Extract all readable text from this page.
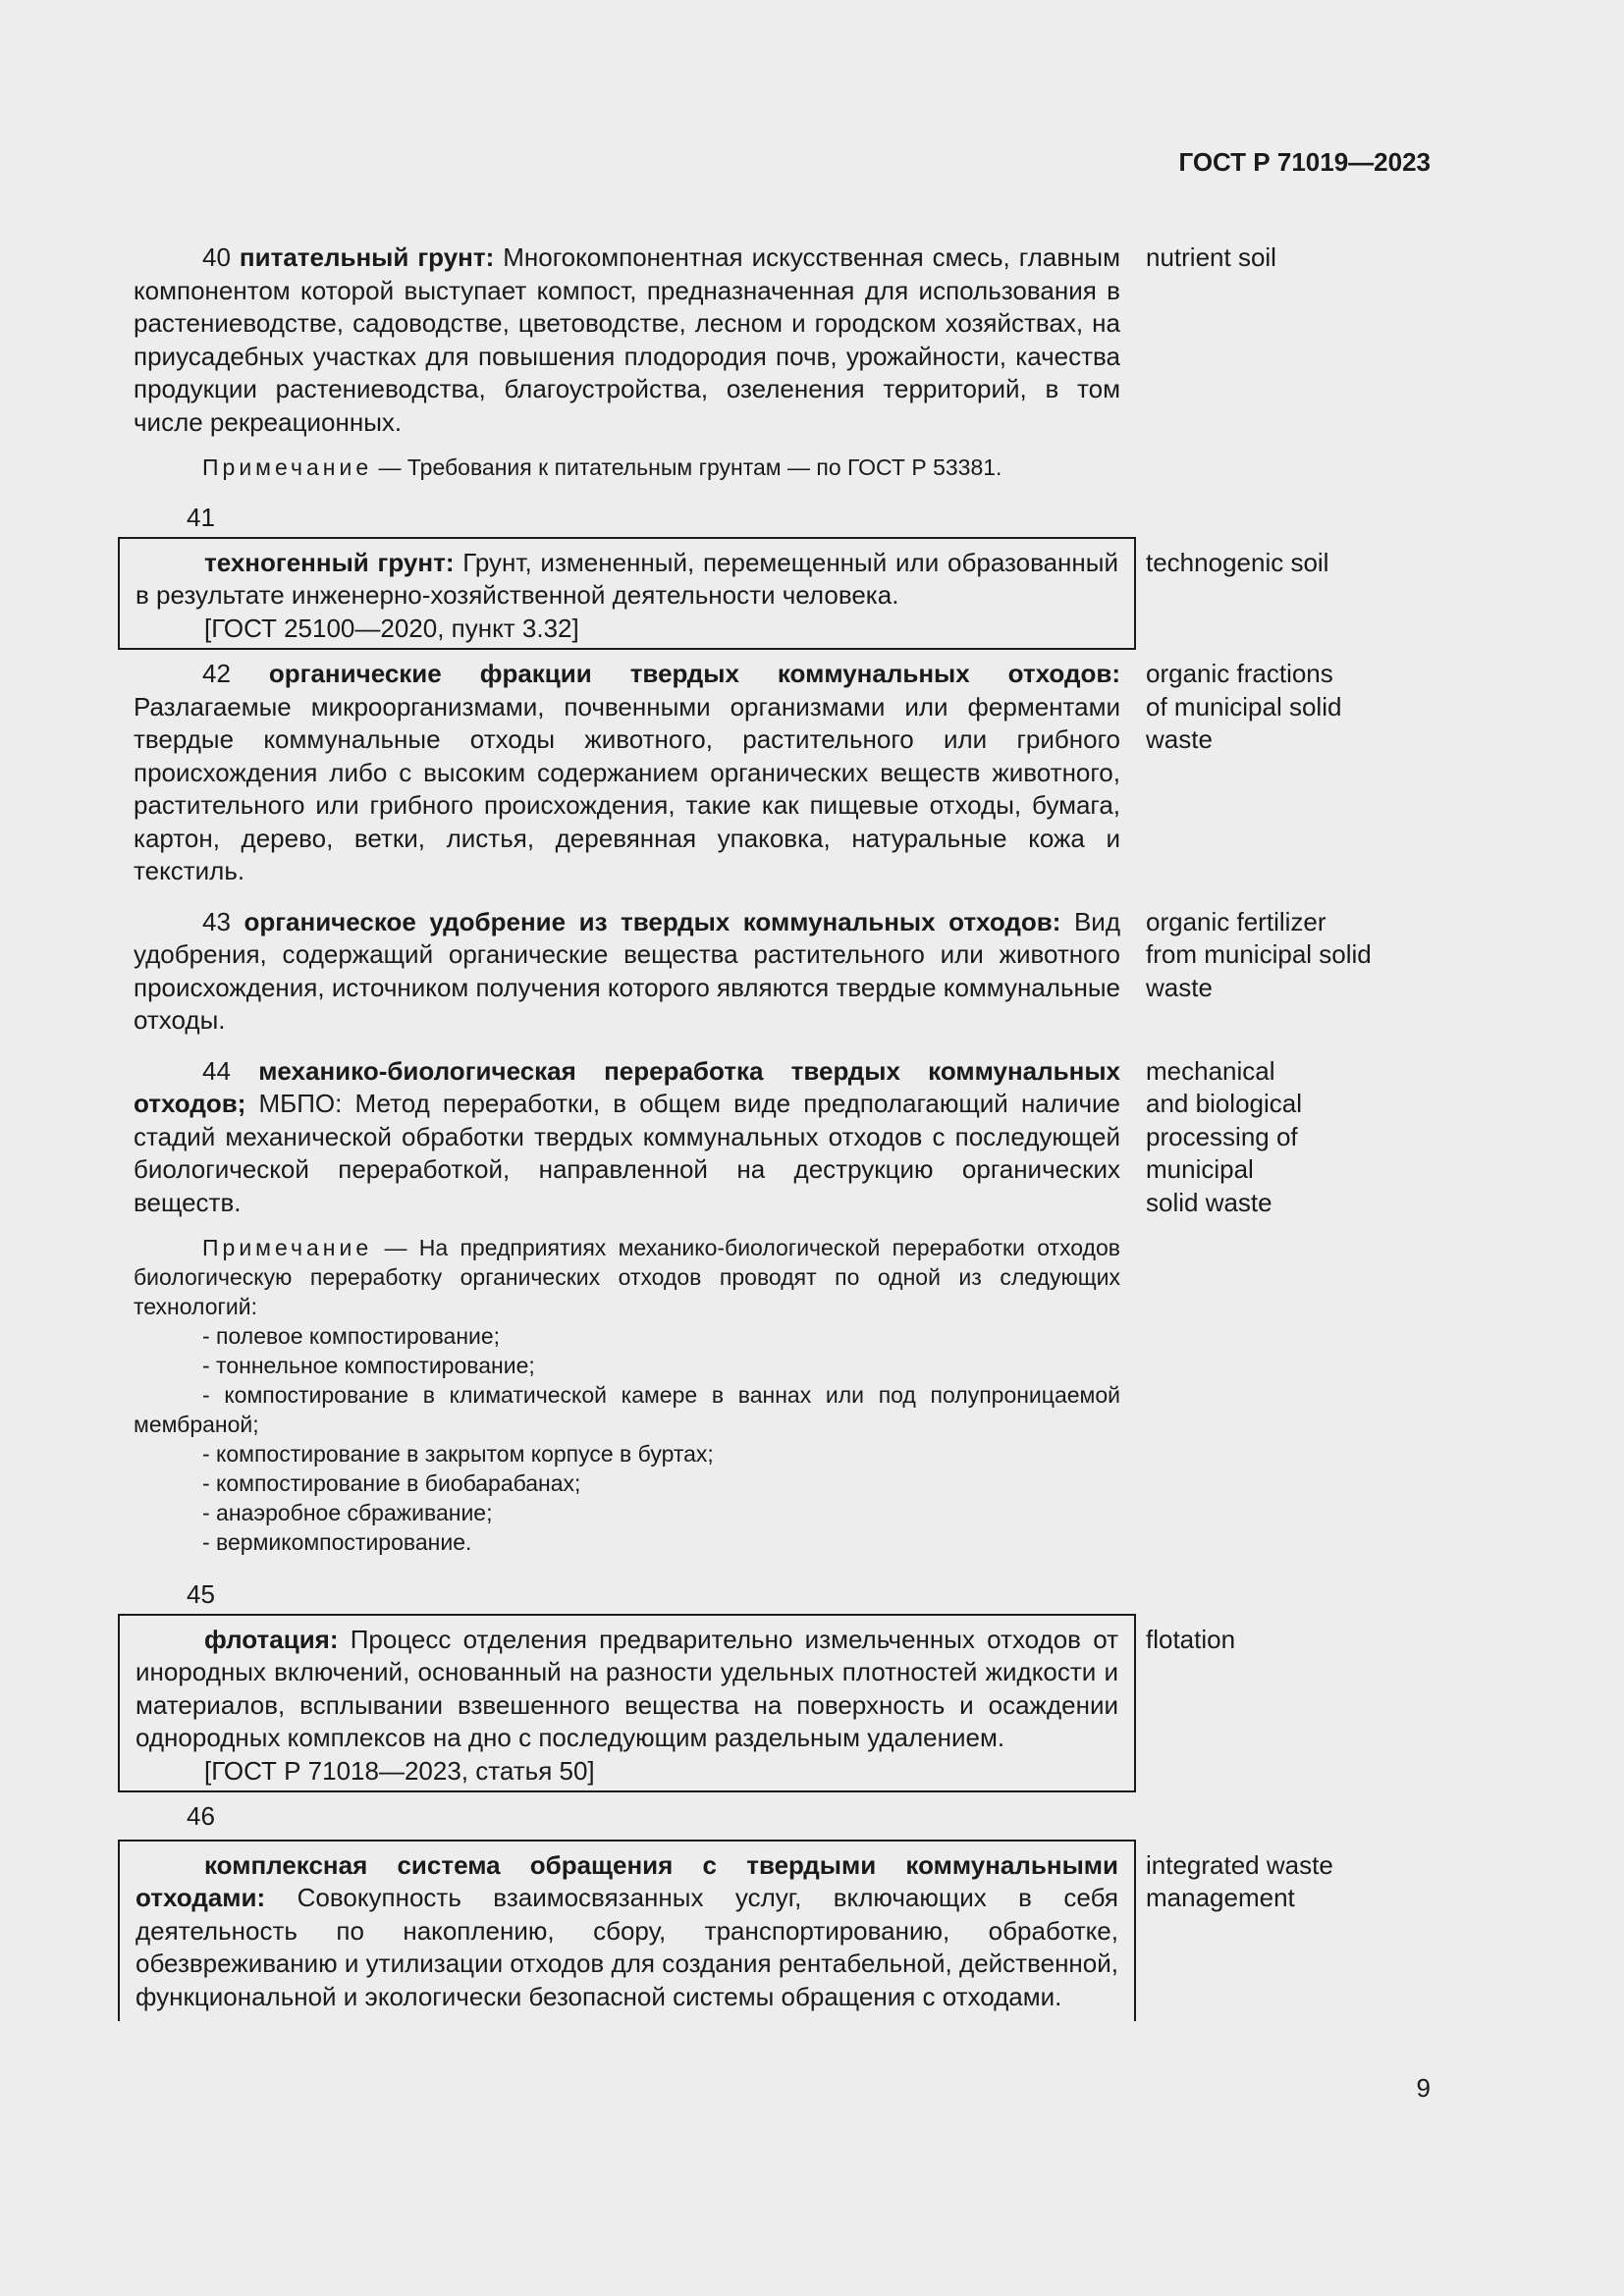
ГОСТ Р 71019—2023
40 питательный грунт: Многокомпонентная искусственная смесь, главным компонентом которой выступает компост, предназначенная для использования в растениеводстве, садоводстве, цветоводстве, лесном и городском хозяйствах, на приусадебных участках для повышения плодородия почв, урожайности, качества продукции растениеводства, благоустройства, озеленения территорий, в том числе рекреационных.
nutrient soil
Примечание — Требования к питательным грунтам — по ГОСТ Р 53381.
41
техногенный грунт: Грунт, измененный, перемещенный или образованный в результате инженерно-хозяйственной деятельности человека.
[ГОСТ 25100—2020, пункт 3.32]
technogenic soil
42 органические фракции твердых коммунальных отходов: Разлагаемые микроорганизмами, почвенными организмами или ферментами твердые коммунальные отходы животного, растительного или грибного происхождения либо с высоким содержанием органических веществ животного, растительного или грибного происхождения, такие как пищевые отходы, бумага, картон, дерево, ветки, листья, деревянная упаковка, натуральные кожа и текстиль.
organic fractions
of municipal solid
waste
43 органическое удобрение из твердых коммунальных отходов: Вид удобрения, содержащий органические вещества растительного или животного происхождения, источником получения которого являются твердые коммунальные отходы.
organic fertilizer
from municipal solid
waste
44 механико-биологическая переработка твердых коммунальных отходов; МБПО: Метод переработки, в общем виде предполагающий наличие стадий механической обработки твердых коммунальных отходов с последующей биологической переработкой, направленной на деструкцию органических веществ.
mechanical
and biological
processing of
municipal
solid waste
Примечание — На предприятиях механико-биологической переработки отходов биологическую переработку органических отходов проводят по одной из следующих технологий:
- полевое компостирование;
- тоннельное компостирование;
- компостирование в климатической камере в ваннах или под полупроницаемой мембраной;
- компостирование в закрытом корпусе в буртах;
- компостирование в биобарабанах;
- анаэробное сбраживание;
- вермикомпостирование.
45
флотация: Процесс отделения предварительно измельченных отходов от инородных включений, основанный на разности удельных плотностей жидкости и материалов, всплывании взвешенного вещества на поверхность и осаждении однородных комплексов на дно с последующим раздельным удалением.
[ГОСТ Р 71018—2023, статья 50]
flotation
46
комплексная система обращения с твердыми коммунальными отходами: Совокупность взаимосвязанных услуг, включающих в себя деятельность по накоплению, сбору, транспортированию, обработке, обезвреживанию и утилизации отходов для создания рентабельной, действенной, функциональной и экологически безопасной системы обращения с отходами.
integrated waste
management
9
